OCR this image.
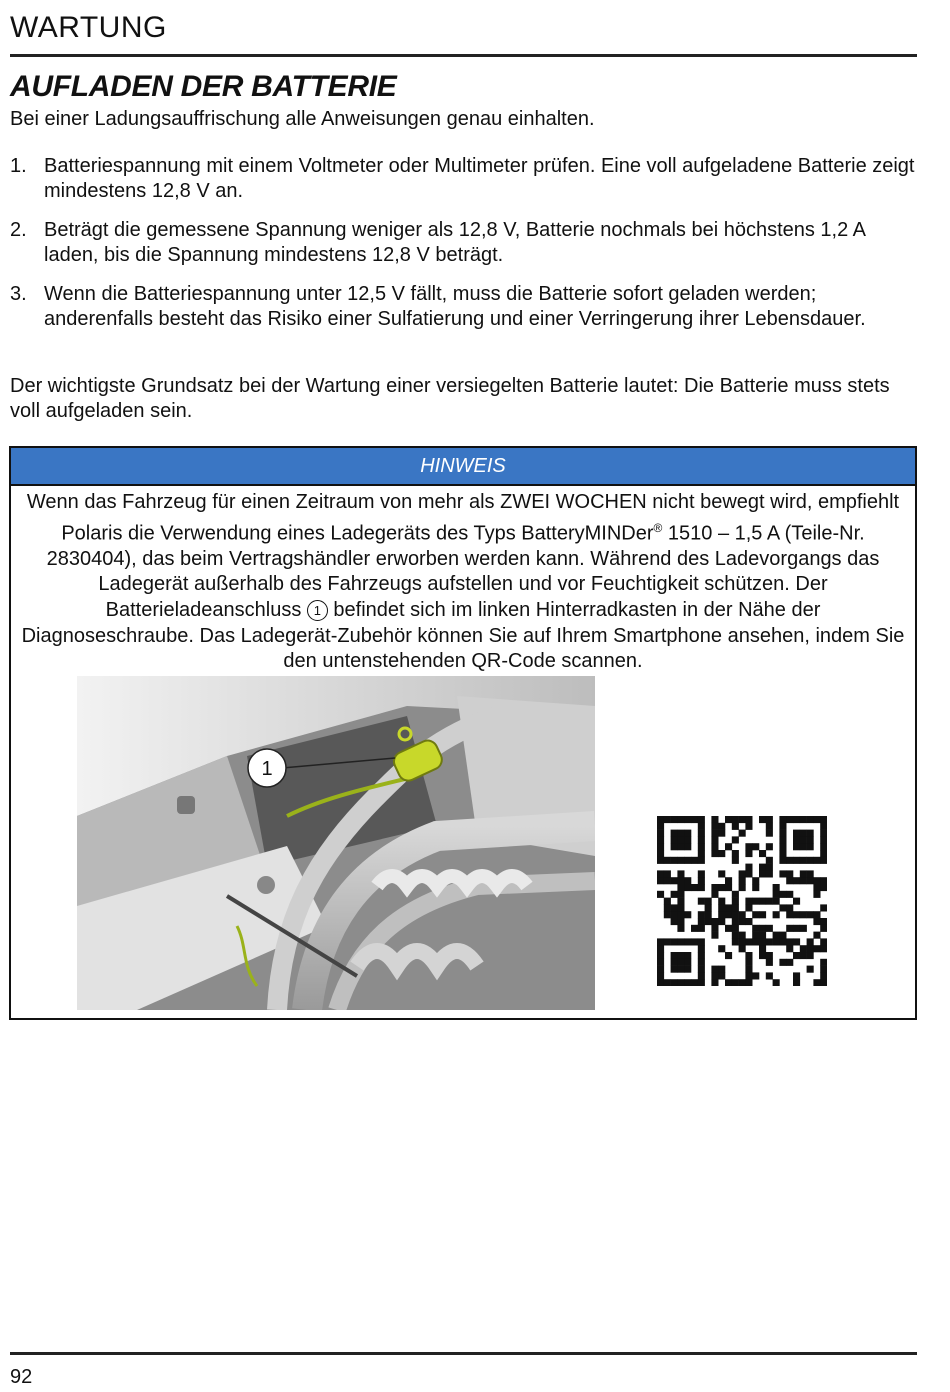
WARTUNG
AUFLADEN DER BATTERIE
Bei einer Ladungsauffrischung alle Anweisungen genau einhalten.
1. Batteriespannung mit einem Voltmeter oder Multimeter prüfen. Eine voll aufgeladene Batterie zeigt mindestens 12,8 V an.
2. Beträgt die gemessene Spannung weniger als 12,8 V, Batterie nochmals bei höchstens 1,2 A laden, bis die Spannung mindestens 12,8 V beträgt.
3. Wenn die Batteriespannung unter 12,5 V fällt, muss die Batterie sofort geladen werden; anderenfalls besteht das Risiko einer Sulfatierung und einer Verringerung ihrer Lebensdauer.
Der wichtigste Grundsatz bei der Wartung einer versiegelten Batterie lautet: Die Batterie muss stets voll aufgeladen sein.
HINWEIS
Wenn das Fahrzeug für einen Zeitraum von mehr als ZWEI WOCHEN nicht bewegt wird, empfiehlt Polaris die Verwendung eines Ladegeräts des Typs BatteryMINDer® 1510 – 1,5 A (Teile-Nr. 2830404), das beim Vertragshändler erworben werden kann. Während des Ladevorgangs das Ladegerät außerhalb des Fahrzeugs aufstellen und vor Feuchtigkeit schützen. Der Batterieladeanschluss 1 befindet sich im linken Hinterradkasten in der Nähe der Diagnoseschraube. Das Ladegerät-Zubehör können Sie auf Ihrem Smartphone ansehen, indem Sie den untenstehenden QR-Code scannen.
1
92
